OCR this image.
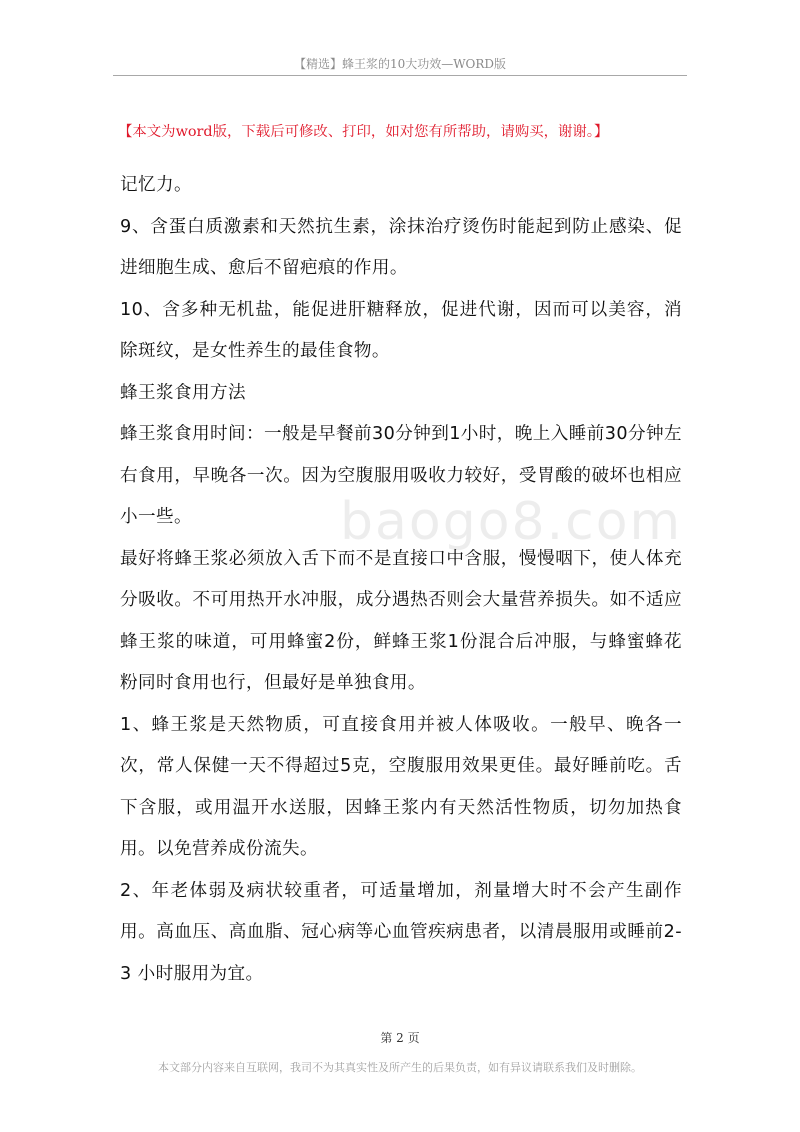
【精选】蜂王浆的10大功效—WORD版
【本文为word版，下载后可修改、打印，如对您有所帮助，请购买，谢谢。】
baogo8.com

记忆力。

9、含蛋白质激素和天然抗生素，涂抹治疗烫伤时能起到防止感染、促进细胞生成、愈后不留疤痕的作用。

10、含多种无机盐，能促进肝糖释放，促进代谢，因而可以美容，消除斑纹，是女性养生的最佳食物。

蜂王浆食用方法

蜂王浆食用时间：一般是早餐前30分钟到1小时，晚上入睡前30分钟左右食用，早晚各一次。因为空腹服用吸收力较好，受胃酸的破坏也相应小一些。

最好将蜂王浆必须放入舌下而不是直接口中含服，慢慢咽下，使人体充分吸收。不可用热开水冲服，成分遇热否则会大量营养损失。如不适应蜂王浆的味道，可用蜂蜜2份，鲜蜂王浆1份混合后冲服，与蜂蜜蜂花粉同时食用也行，但最好是单独食用。

1、蜂王浆是天然物质，可直接食用并被人体吸收。一般早、晚各一次，常人保健一天不得超过5克，空腹服用效果更佳。最好睡前吃。舌下含服，或用温开水送服，因蜂王浆内有天然活性物质，切勿加热食用。以免营养成份流失。

2、年老体弱及病状较重者，可适量增加，剂量增大时不会产生副作用。高血压、高血脂、冠心病等心血管疾病患者，以清晨服用或睡前2-3 小时服用为宜。

第 2 页
本文部分内容来自互联网，我司不为其真实性及所产生的后果负责，如有异议请联系我们及时删除。
